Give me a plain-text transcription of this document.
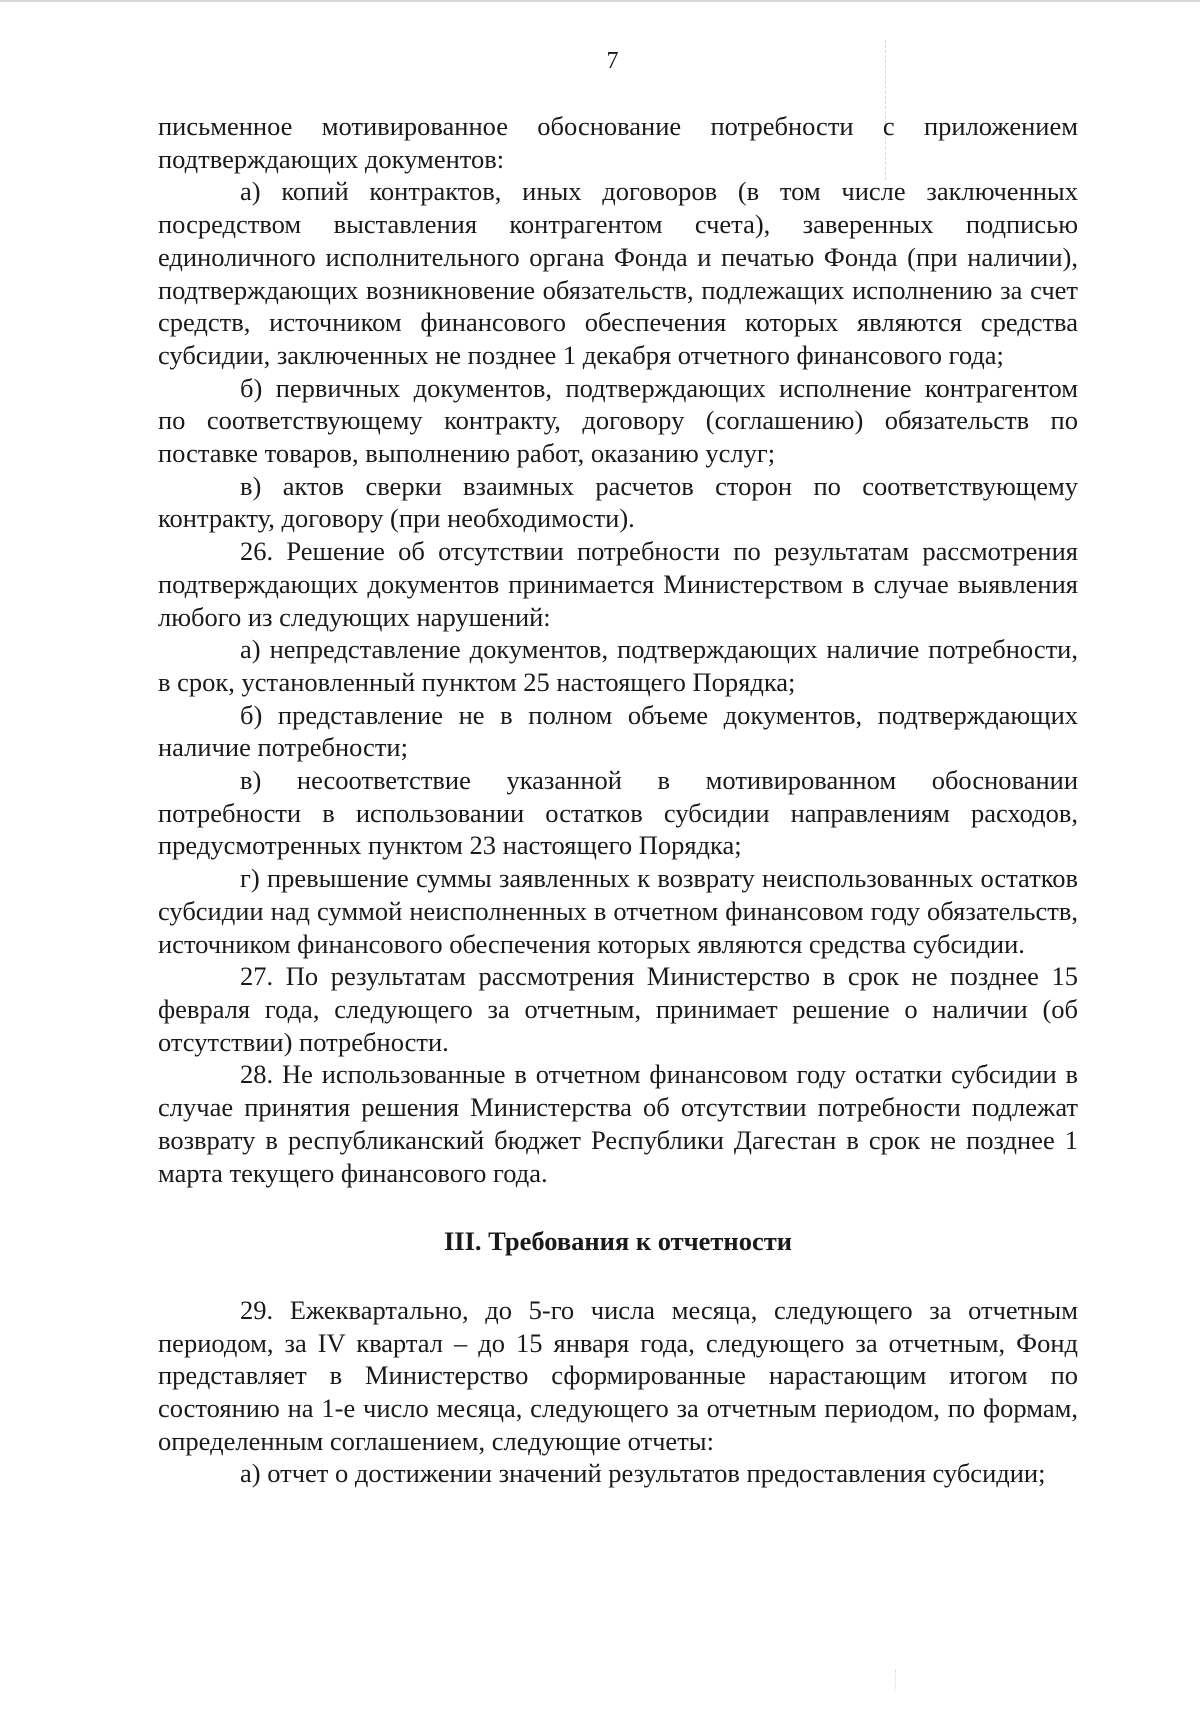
7

письменное мотивированное обоснование потребности с приложением подтверждающих документов:

а) копий контрактов, иных договоров (в том числе заключенных посредством выставления контрагентом счета), заверенных подписью единоличного исполнительного органа Фонда и печатью Фонда (при наличии), подтверждающих возникновение обязательств, подлежащих исполнению за счет средств, источником финансового обеспечения которых являются средства субсидии, заключенных не позднее 1 декабря отчетного финансового года;

б) первичных документов, подтверждающих исполнение контрагентом по соответствующему контракту, договору (соглашению) обязательств по поставке товаров, выполнению работ, оказанию услуг;

в) актов сверки взаимных расчетов сторон по соответствующему контракту, договору (при необходимости).

26. Решение об отсутствии потребности по результатам рассмотрения подтверждающих документов принимается Министерством в случае выявления любого из следующих нарушений:

а) непредставление документов, подтверждающих наличие потребности, в срок, установленный пунктом 25 настоящего Порядка;

б) представление не в полном объеме документов, подтверждающих наличие потребности;

в) несоответствие указанной в мотивированном обосновании потребности в использовании остатков субсидии направлениям расходов, предусмотренных пунктом 23 настоящего Порядка;

г) превышение суммы заявленных к возврату неиспользованных остатков субсидии над суммой неисполненных в отчетном финансовом году обязательств, источником финансового обеспечения которых являются средства субсидии.

27. По результатам рассмотрения Министерство в срок не позднее 15 февраля года, следующего за отчетным, принимает решение о наличии (об отсутствии) потребности.

28. Не использованные в отчетном финансовом году остатки субсидии в случае принятия решения Министерства об отсутствии потребности подлежат возврату в республиканский бюджет Республики Дагестан в срок не позднее 1 марта текущего финансового года.

III. Требования к отчетности

29. Ежеквартально, до 5-го числа месяца, следующего за отчетным периодом, за IV квартал – до 15 января года, следующего за отчетным, Фонд представляет в Министерство сформированные нарастающим итогом по состоянию на 1-е число месяца, следующего за отчетным периодом, по формам, определенным соглашением, следующие отчеты:

а) отчет о достижении значений результатов предоставления субсидии;
